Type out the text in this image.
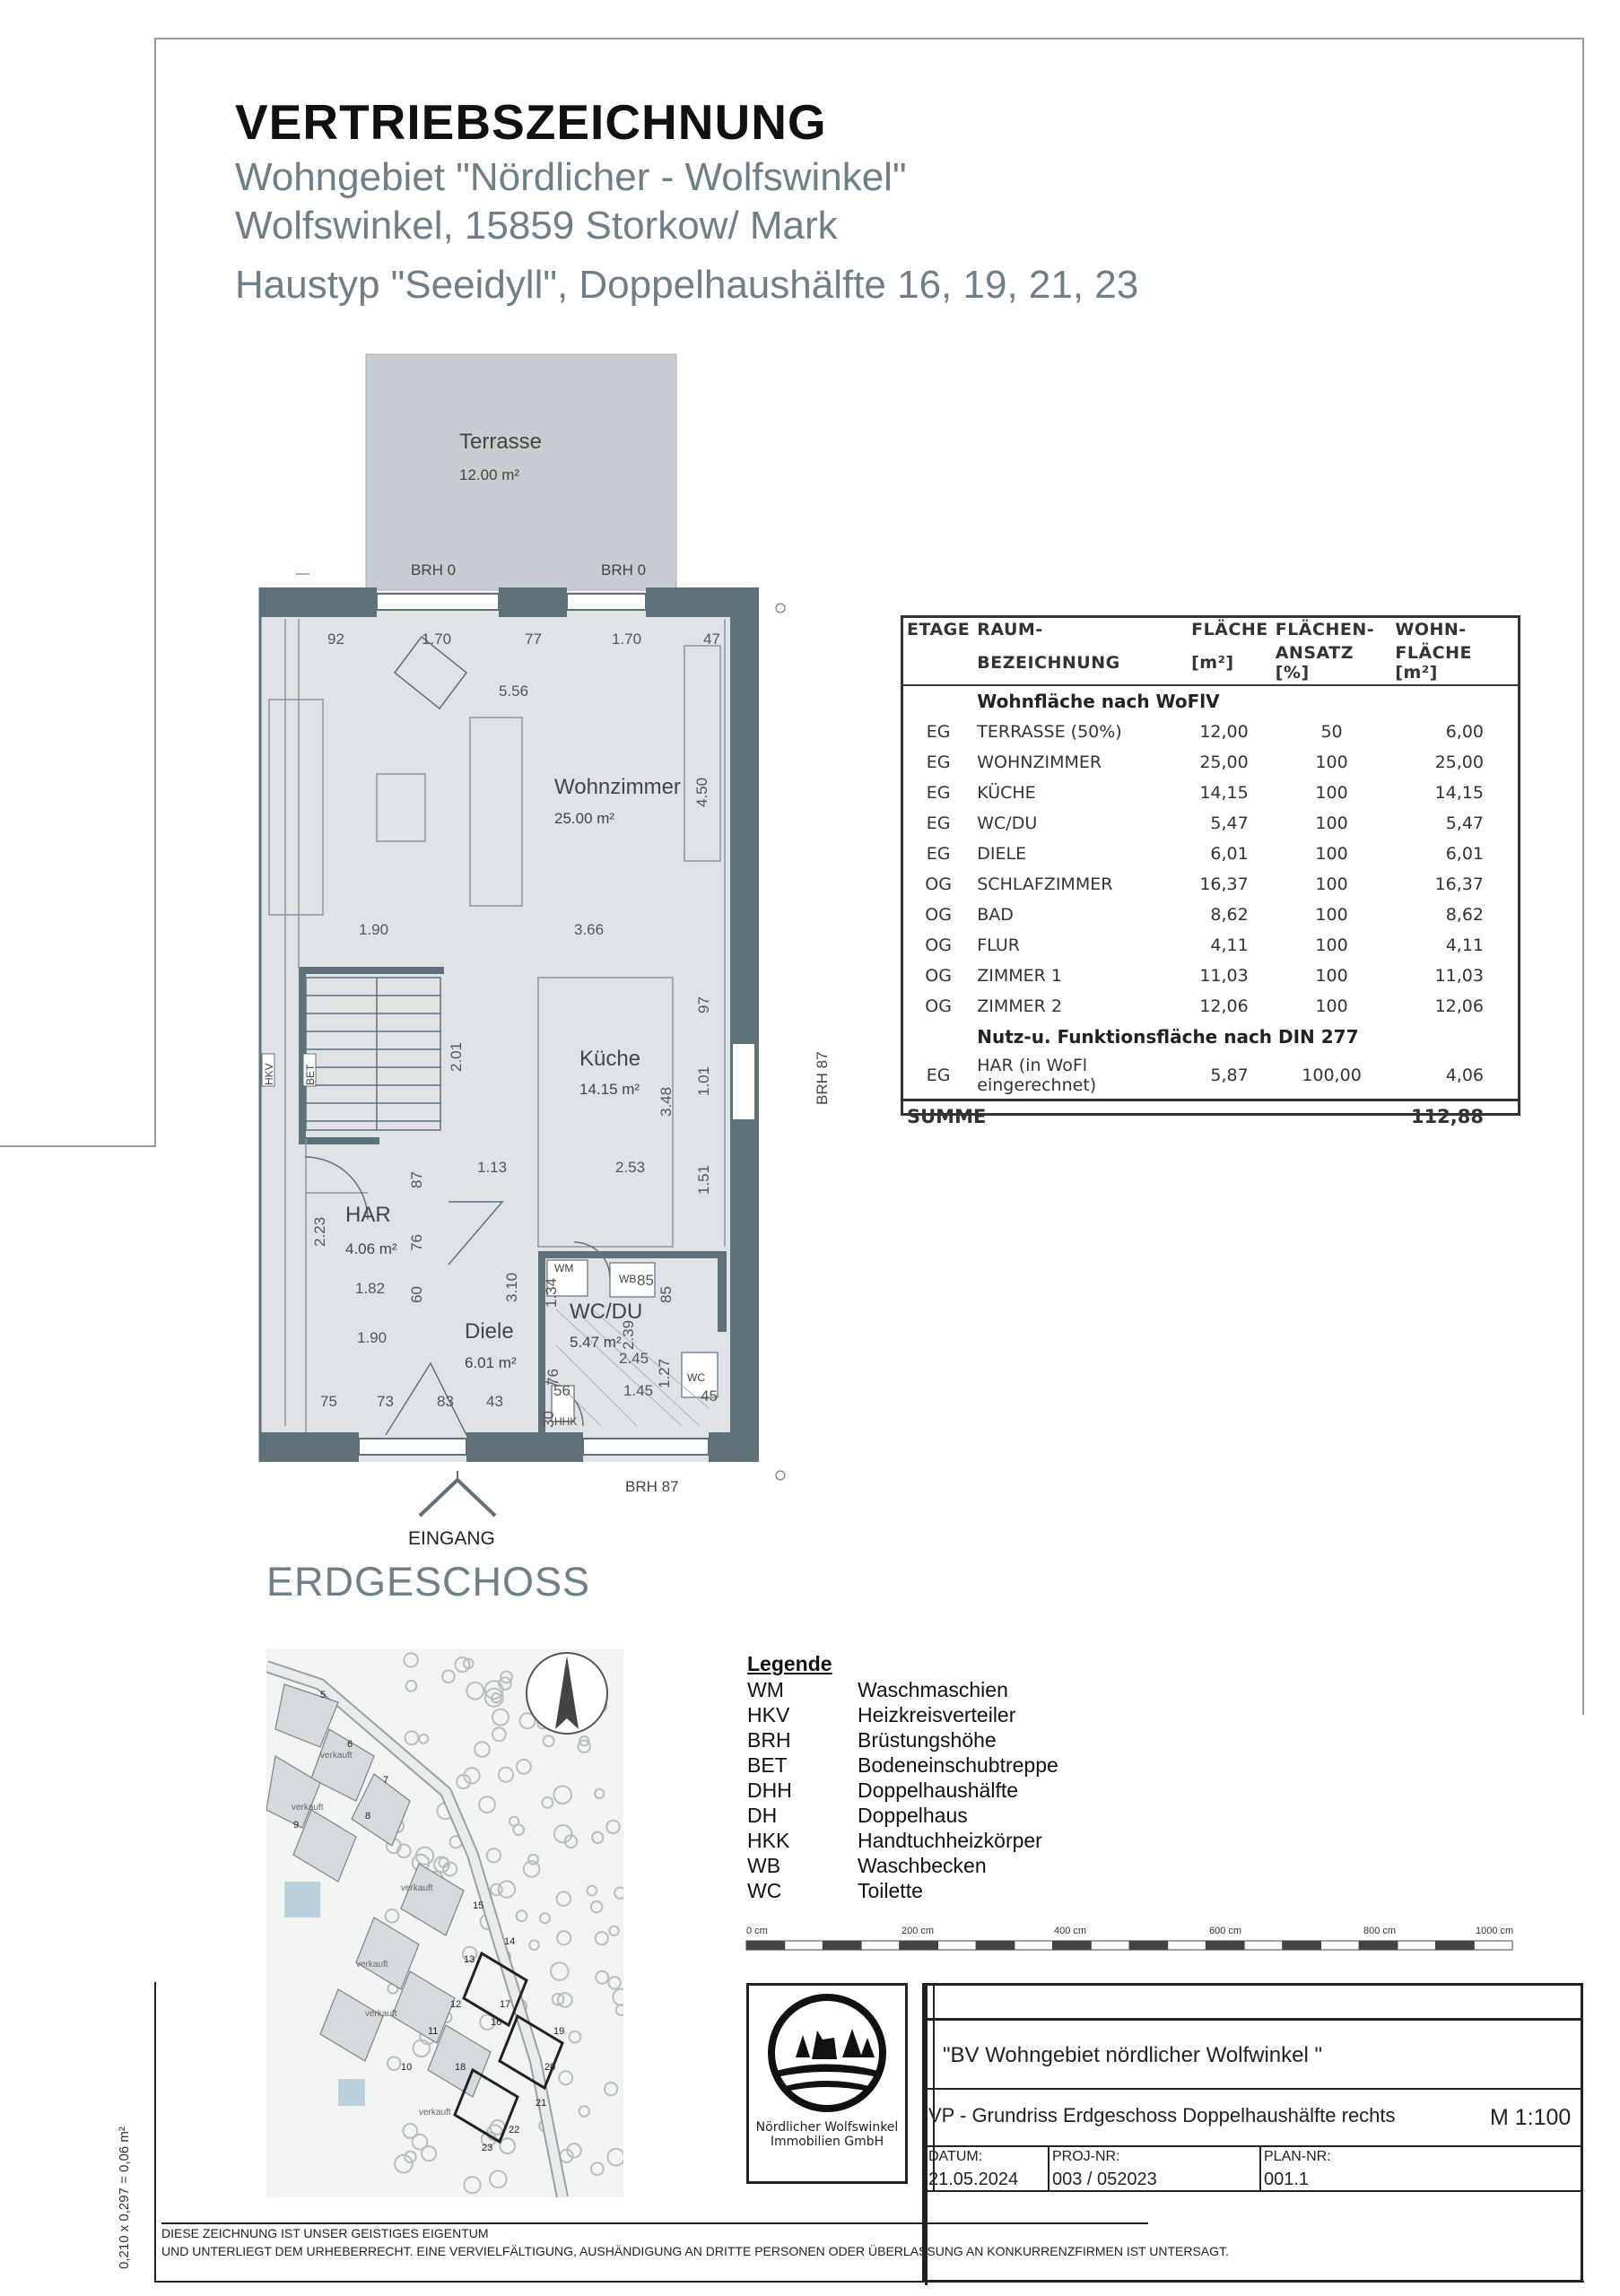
VERTRIEBSZEICHNUNG
Wohngebiet "Nördlicher - Wolfswinkel"
Wolfswinkel, 15859 Storkow/ Mark
Haustyp "Seeidyll", Doppelhaushälfte 16, 19, 21, 23
BRH 0	BRH 0
BRH 87
BRH 87
EINGANG
Terrasse
Wohnzimmer
Küche
HAR
Diele
WC/DU
12.00 m²
25.00 m²
14.15 m²
4.06 m²
6.01 m²
5.47 m²
92	1.70	77	1.70	47
5.56
1.90	3.66
1.13	2.53
1.82
1.90
2.45
1.45
85
75	73	83 43
56	45
4.50
2.01
97
1.01
3.48
1.51
87
2.23	76
60	3.10 1.34	85
2.39
1.27
76
30
HKV	BET
WM
WB
WC
HHK
ERDGESCHOSS
ETAGE	RAUM-	FLÄCHE	FLÄCHEN-	WOHN-
	BEZEICHNUNG	[m²]	ANSATZ [%]	FLÄCHE [m²]
	Wohnfläche nach WoFlV			
EG	TERRASSE (50%)	12,00	50	6,00
EG	WOHNZIMMER	25,00	100	25,00
EG	KÜCHE	14,15	100	14,15
EG	WC/DU	5,47	100	5,47
EG	DIELE	6,01	100	6,01
OG	SCHLAFZIMMER	16,37	100	16,37
OG	BAD	8,62	100	8,62
OG	FLUR	4,11	100	4,11
OG	ZIMMER 1	11,03	100	11,03
OG	ZIMMER 2	12,06	100	12,06
	Nutz-u. Funktionsfläche nach DIN 277			
EG	HAR (in WoFl eingerechnet)	5,87	100,00	4,06
SUMME				112,88
5
6
7
8
9
15
14
13
12
11
10
17
16
18
19
20
21
22
23
verkauft
verkauft
verkauft
verkauft
verkauft
verkauft
Legende
WM	Waschmaschien
HKV	Heizkreisverteiler
BRH	Brüstungshöhe
BET	Bodeneinschubtreppe
DHH	Doppelhaushälfte
DH	Doppelhaus
HKK	Handtuchheizkörper
WB	Waschbecken
WC	Toilette
0 cm	200 cm	400 cm	600 cm	800 cm	1000 cm
Nördlicher Wolfswinkel
Immobilien GmbH
"BV Wohngebiet nördlicher Wolfwinkel "
VP - Grundriss Erdgeschoss Doppelhaushälfte rechts	M 1:100
DATUM:
21.05.2024
PROJ-NR:
003 / 052023
PLAN-NR:
001.1
DIESE ZEICHNUNG IST UNSER GEISTIGES EIGENTUM
UND UNTERLIEGT DEM URHEBERRECHT. EINE VERVIELFÄLTIGUNG, AUSHÄNDIGUNG AN DRITTE PERSONEN ODER ÜBERLASSUNG AN KONKURRENZFIRMEN IST UNTERSAGT.
0,210 x 0,297 = 0,06 m²
